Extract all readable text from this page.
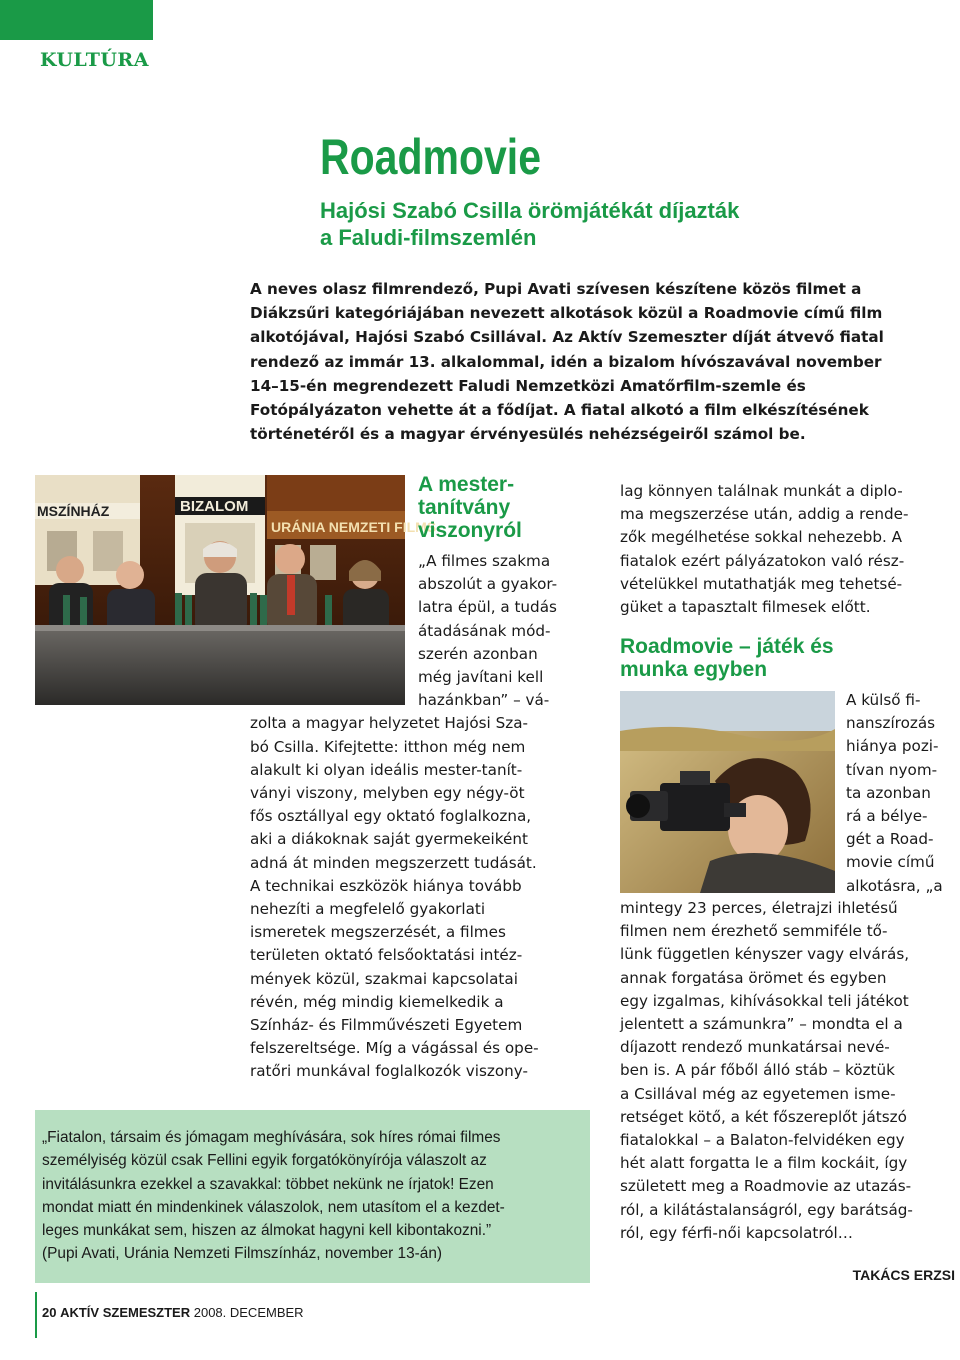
KULTÚRA
Roadmovie
Hajósi Szabó Csilla örömjátékát díjazták
a Faludi-filmszemlén
A neves olasz filmrendező, Pupi Avati szívesen készítene közös filmet a Diákzsűri kategóriájában nevezett alkotások közül a Roadmovie című film alkotójával, Hajósi Szabó Csillával. Az Aktív Szemeszter díját átvevő fiatal rendező az immár 13. alkalommal, idén a bizalom hívószavával november 14–15-én megrendezett Faludi Nemzetközi Amatőrfilm-szemle és Fotópályázaton vehette át a fődíjat. A fiatal alkotó a film elkészítésének történetéről és a magyar érvényesülés nehézségeiről számol be.
MSZÍNHÁZ	BIZALOM
URÁNIA NEMZETI FILMS
A mester-
tanítvány
viszonyról

„A filmes szakma

abszolút a gyakor-

latra épül, a tudás

átadásának mód-

szerén azonban

még javítani kell

hazánkban” – vá-

zolta a magyar helyzetet Hajósi Sza-

bó Csilla. Kifejtette: itthon még nem

alakult ki olyan ideális mester-tanít-

ványi viszony, melyben egy négy-öt

fős osztállyal egy oktató foglalkozna,

aki a diákoknak saját gyermekeiként

adná át minden megszerzett tudását.

A technikai eszközök hiánya tovább

nehezíti a megfelelő gyakorlati

ismeretek megszerzését, a filmes

területen oktató felsőoktatási intéz-

mények közül, szakmai kapcsolatai

révén, még mindig kiemelkedik a

Színház- és Filmművészeti Egyetem

felszereltsége. Míg a vágással és ope-

ratőri munkával foglalkozók viszony-

lag könnyen találnak munkát a diplo-

ma megszerzése után, addig a rende-

zők megélhetése sokkal nehezebb. A

fiatalok ezért pályázatokon való rész-

vételükkel mutathatják meg tehetsé-

güket a tapasztalt filmesek előtt.

Roadmovie – játék és
munka egyben

A külső fi-

nanszírozás

hiánya pozi-

tívan nyom-

ta azonban

rá a bélye-

gét a Road-

movie című

alkotásra, „a

mintegy 23 perces, életrajzi ihletésű

filmen nem érezhető semmiféle tő-

lünk független kényszer vagy elvárás,

annak forgatása örömet és egyben

egy izgalmas, kihívásokkal teli játékot

jelentett a számunkra” – mondta el a

díjazott rendező munkatársai nevé-

ben is. A pár főből álló stáb – köztük

a Csillával még az egyetemen isme-

retséget kötő, a két főszereplőt játszó

fiatalokkal – a Balaton-felvidéken egy

hét alatt forgatta le a film kockáit, így

született meg a Roadmovie az utazás-

ról, a kilátástalanságról, egy barátság-

ról, egy férfi-női kapcsolatról…

„Fiatalon, társaim és jómagam meghívására, sok híres római filmes
személyiség közül csak Fellini egyik forgatókönyírója válaszolt az
invitálásunkra ezekkel a szavakkal: többet nekünk ne írjatok! Ezen
mondat miatt én mindenkinek válaszolok, nem utasítom el a kezdet-
leges munkákat sem, hiszen az álmokat hagyni kell kibontakozni.”
(Pupi Avati, Uránia Nemzeti Filmszínház, november 13-án)
TAKÁCS ERZSI
20 AKTÍV SZEMESZTER 2008. DECEMBER
